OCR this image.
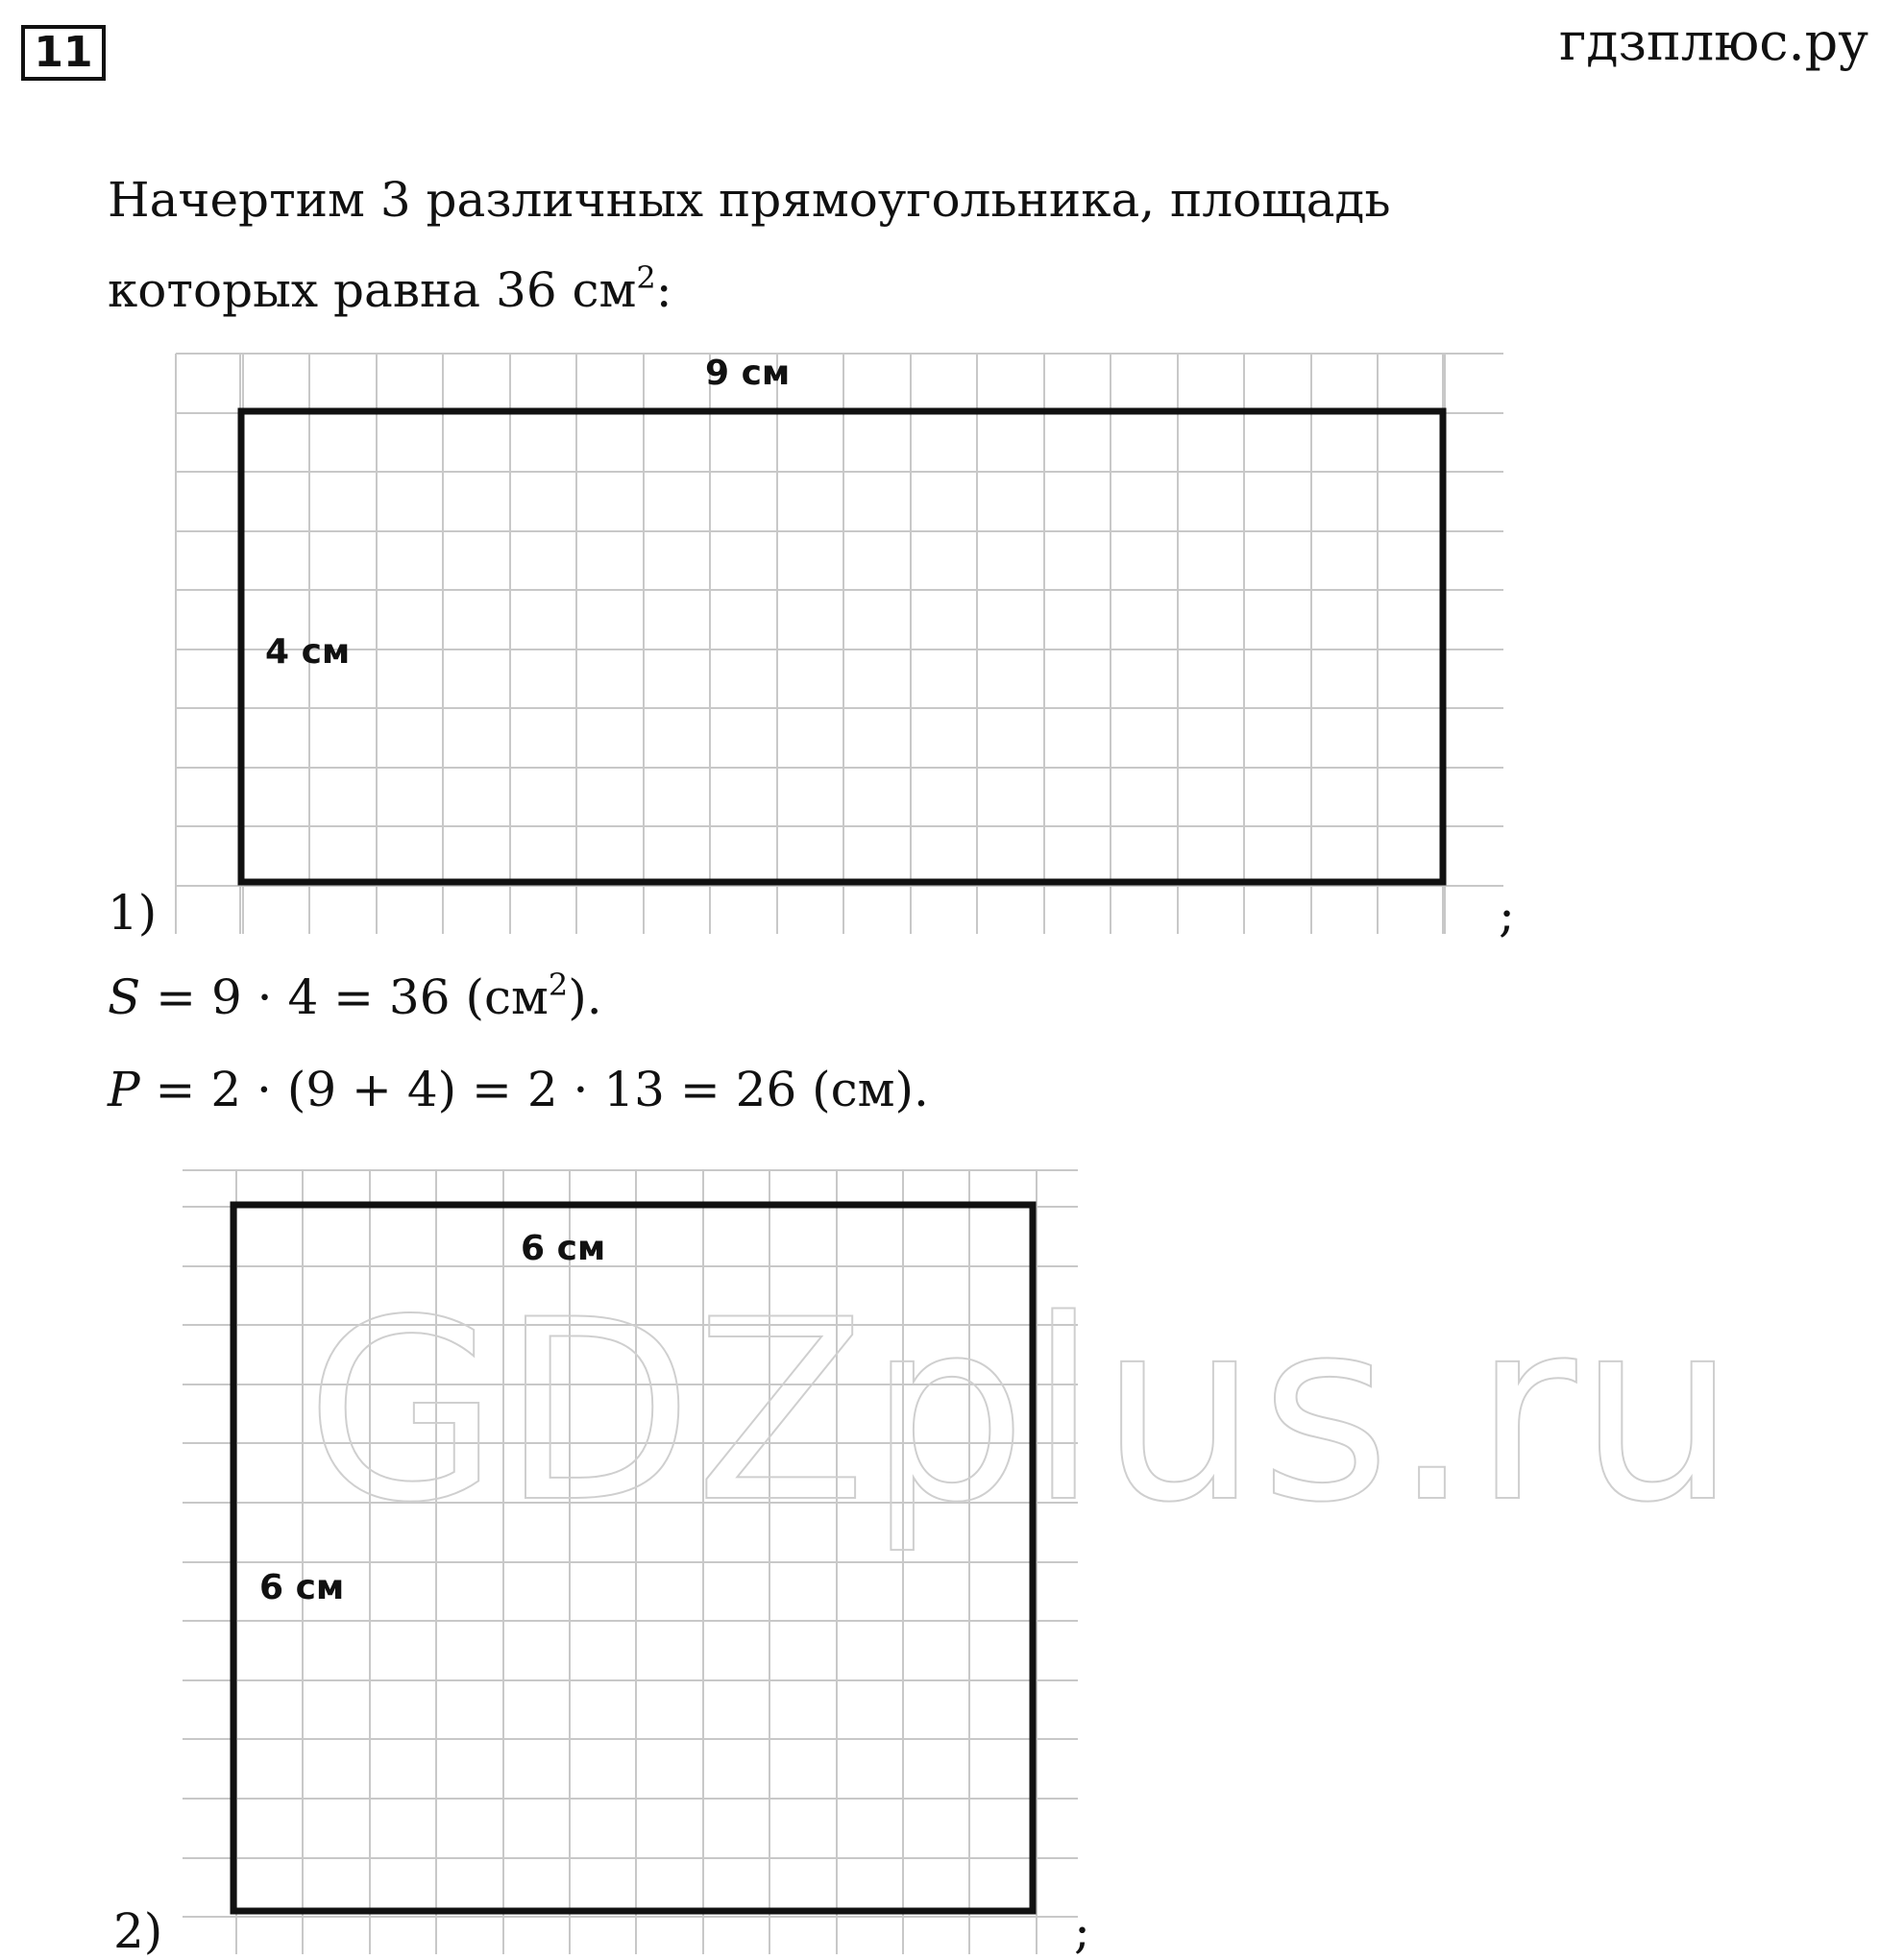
11	гдзплюс.ру
Начертим 3 различных прямоугольника, площадь
которых равна 36 $см^2$:
9 см
4 см
6 см
6 см
1)	;
S = 9 · 4 = 36 $(см^2)$.
P = 2 · (9 + 4) = 2 · 13 = 26 (см).
GDZplus.ru
2)	;
